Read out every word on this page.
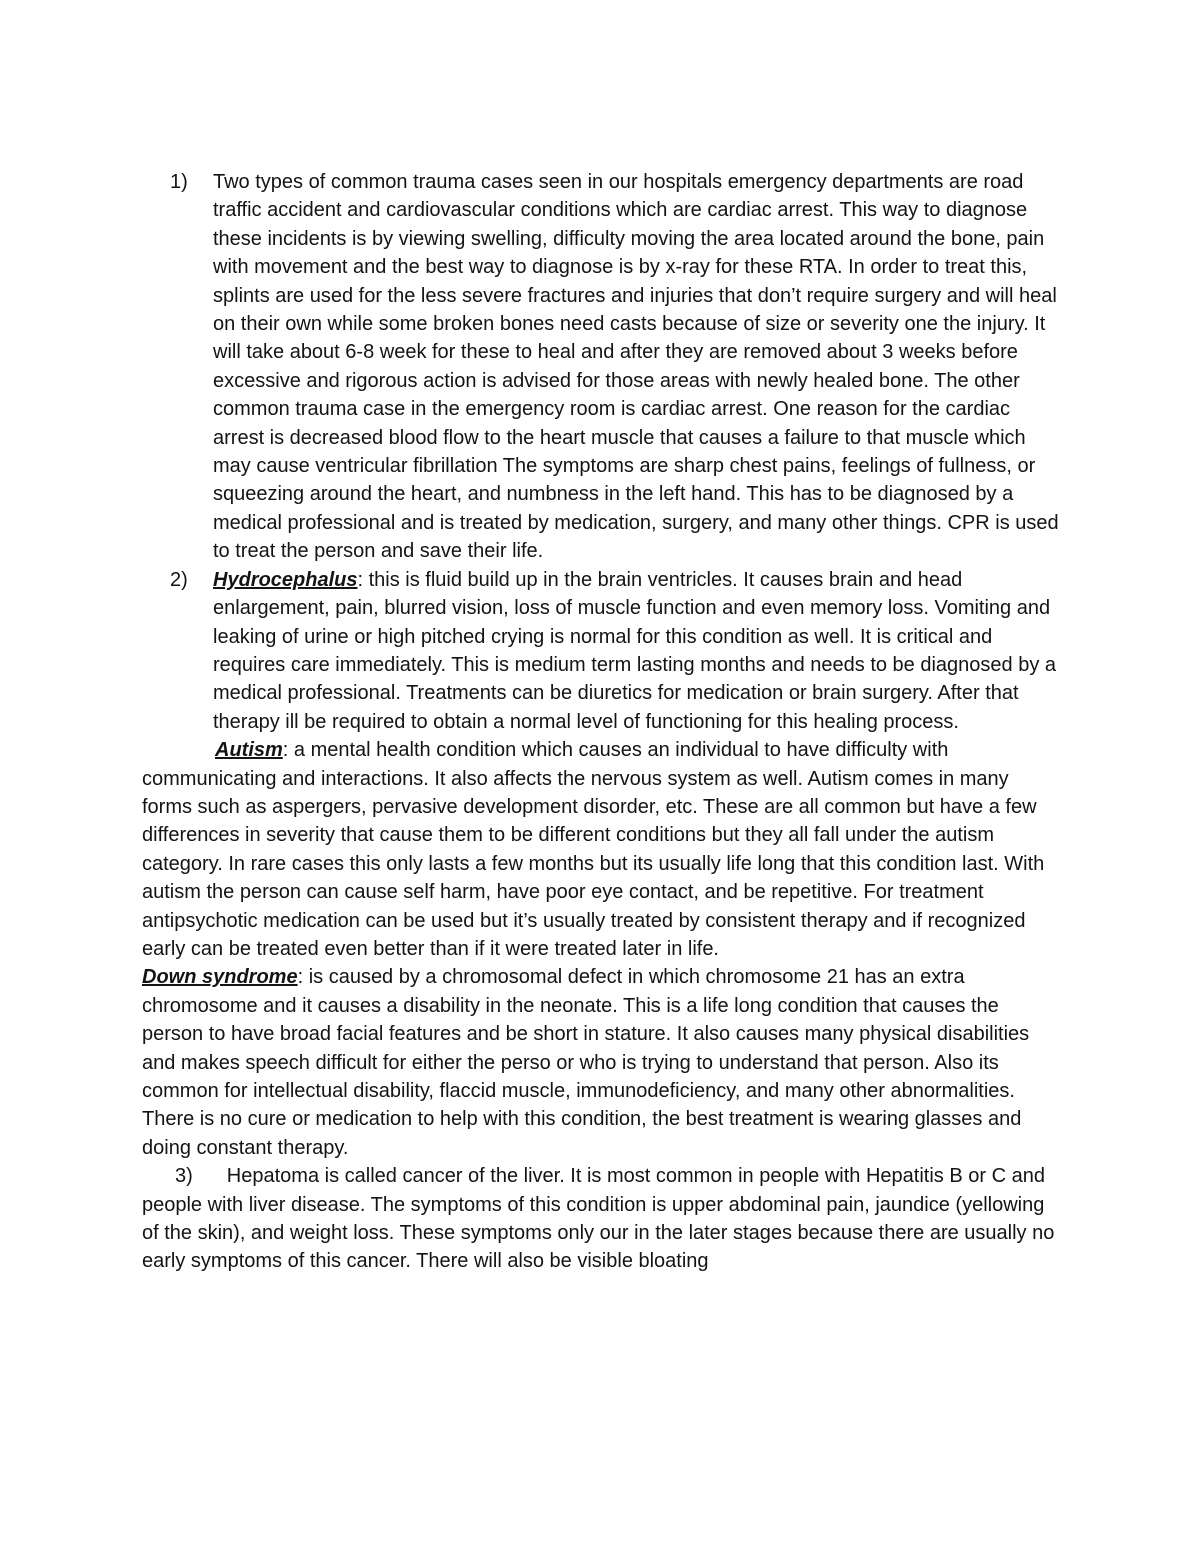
1) Two types of common trauma cases seen in our hospitals emergency departments are road traffic accident and cardiovascular conditions which are cardiac arrest. This way to diagnose these incidents is by viewing swelling, difficulty moving the area located around the bone, pain with movement and the best way to diagnose is by x-ray for these RTA. In order to treat this, splints are used for the less severe fractures and injuries that don’t require surgery and will heal on their own while some broken bones need casts because of size or severity one the injury. It will take about 6-8 week for these to heal and after they are removed about 3 weeks before excessive and rigorous action is advised for those areas with newly healed bone. The other common trauma case in the emergency room is cardiac arrest. One reason for the cardiac arrest is decreased blood flow to the heart muscle that causes a failure to that muscle which may cause ventricular fibrillation The symptoms are sharp chest pains, feelings of fullness, or squeezing around the heart, and numbness in the left hand. This has to be diagnosed by a medical professional and is treated by medication, surgery, and many other things. CPR is used to treat the person and save their life.

2) Hydrocephalus: this is fluid build up in the brain ventricles. It causes brain and head enlargement, pain, blurred vision, loss of muscle function and even memory loss. Vomiting and leaking of urine or high pitched crying is normal for this condition as well. It is critical and requires care immediately. This is medium term lasting months and needs to be diagnosed by a medical professional. Treatments can be diuretics for medication or brain surgery. After that therapy ill be required to obtain a normal level of functioning for this healing process.

Autism: a mental health condition which causes an individual to have difficulty with communicating and interactions. It also affects the nervous system as well. Autism comes in many forms such as aspergers, pervasive development disorder, etc. These are all common but have a few differences in severity that cause them to be different conditions but they all fall under the autism category. In rare cases this only lasts a few months but its usually life long that this condition last. With autism the person can cause self harm, have poor eye contact, and be repetitive. For treatment antipsychotic medication can be used but it’s usually treated by consistent therapy and if recognized early can be treated even better than if it were treated later in life.

Down syndrome: is caused by a chromosomal defect in which chromosome 21 has an extra chromosome and it causes a disability in the neonate. This is a life long condition that causes the person to have broad facial features and be short in stature. It also causes many physical disabilities and makes speech difficult for either the perso or who is trying to understand that person. Also its common for intellectual disability, flaccid muscle, immunodeficiency, and many other abnormalities. There is no cure or medication to help with this condition, the best treatment is wearing glasses and doing constant therapy.

3) Hepatoma is called cancer of the liver. It is most common in people with Hepatitis B or C and people with liver disease. The symptoms of this condition is upper abdominal pain, jaundice (yellowing of the skin), and weight loss. These symptoms only our in the later stages because there are usually no early symptoms of this cancer. There will also be visible bloating
